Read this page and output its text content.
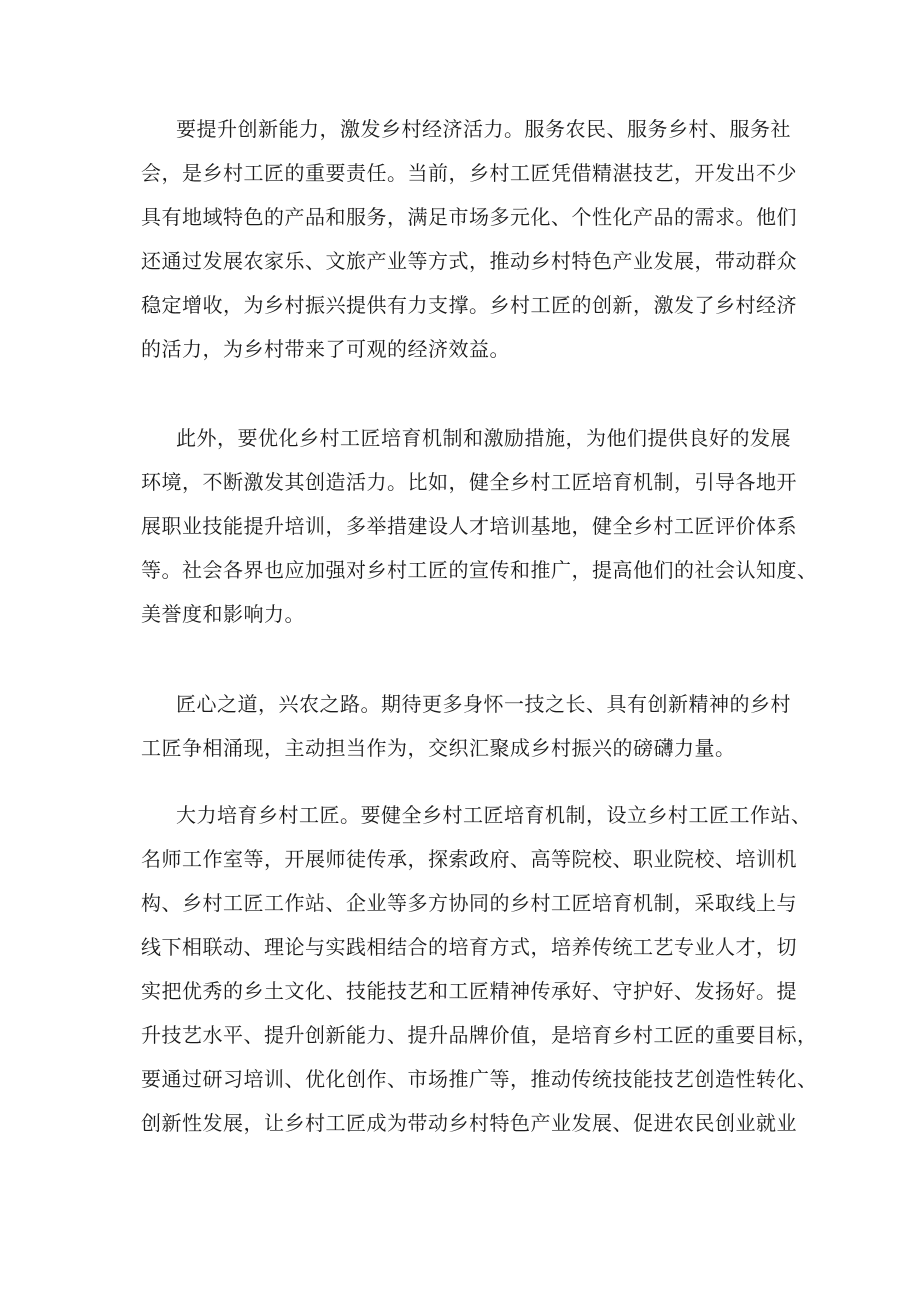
要提升创新能力，激发乡村经济活力。服务农民、服务乡村、服务社
会，是乡村工匠的重要责任。当前，乡村工匠凭借精湛技艺，开发出不少
具有地域特色的产品和服务，满足市场多元化、个性化产品的需求。他们
还通过发展农家乐、文旅产业等方式，推动乡村特色产业发展，带动群众
稳定增收，为乡村振兴提供有力支撑。乡村工匠的创新，激发了乡村经济
的活力，为乡村带来了可观的经济效益。
此外，要优化乡村工匠培育机制和激励措施，为他们提供良好的发展
环境，不断激发其创造活力。比如，健全乡村工匠培育机制，引导各地开
展职业技能提升培训，多举措建设人才培训基地，健全乡村工匠评价体系
等。社会各界也应加强对乡村工匠的宣传和推广，提高他们的社会认知度、
美誉度和影响力。
匠心之道，兴农之路。期待更多身怀一技之长、具有创新精神的乡村
工匠争相涌现，主动担当作为，交织汇聚成乡村振兴的磅礴力量。
大力培育乡村工匠。要健全乡村工匠培育机制，设立乡村工匠工作站、
名师工作室等，开展师徒传承，探索政府、高等院校、职业院校、培训机
构、乡村工匠工作站、企业等多方协同的乡村工匠培育机制，采取线上与
线下相联动、理论与实践相结合的培育方式，培养传统工艺专业人才，切
实把优秀的乡土文化、技能技艺和工匠精神传承好、守护好、发扬好。提
升技艺水平、提升创新能力、提升品牌价值，是培育乡村工匠的重要目标，
要通过研习培训、优化创作、市场推广等，推动传统技能技艺创造性转化、
创新性发展，让乡村工匠成为带动乡村特色产业发展、促进农民创业就业
